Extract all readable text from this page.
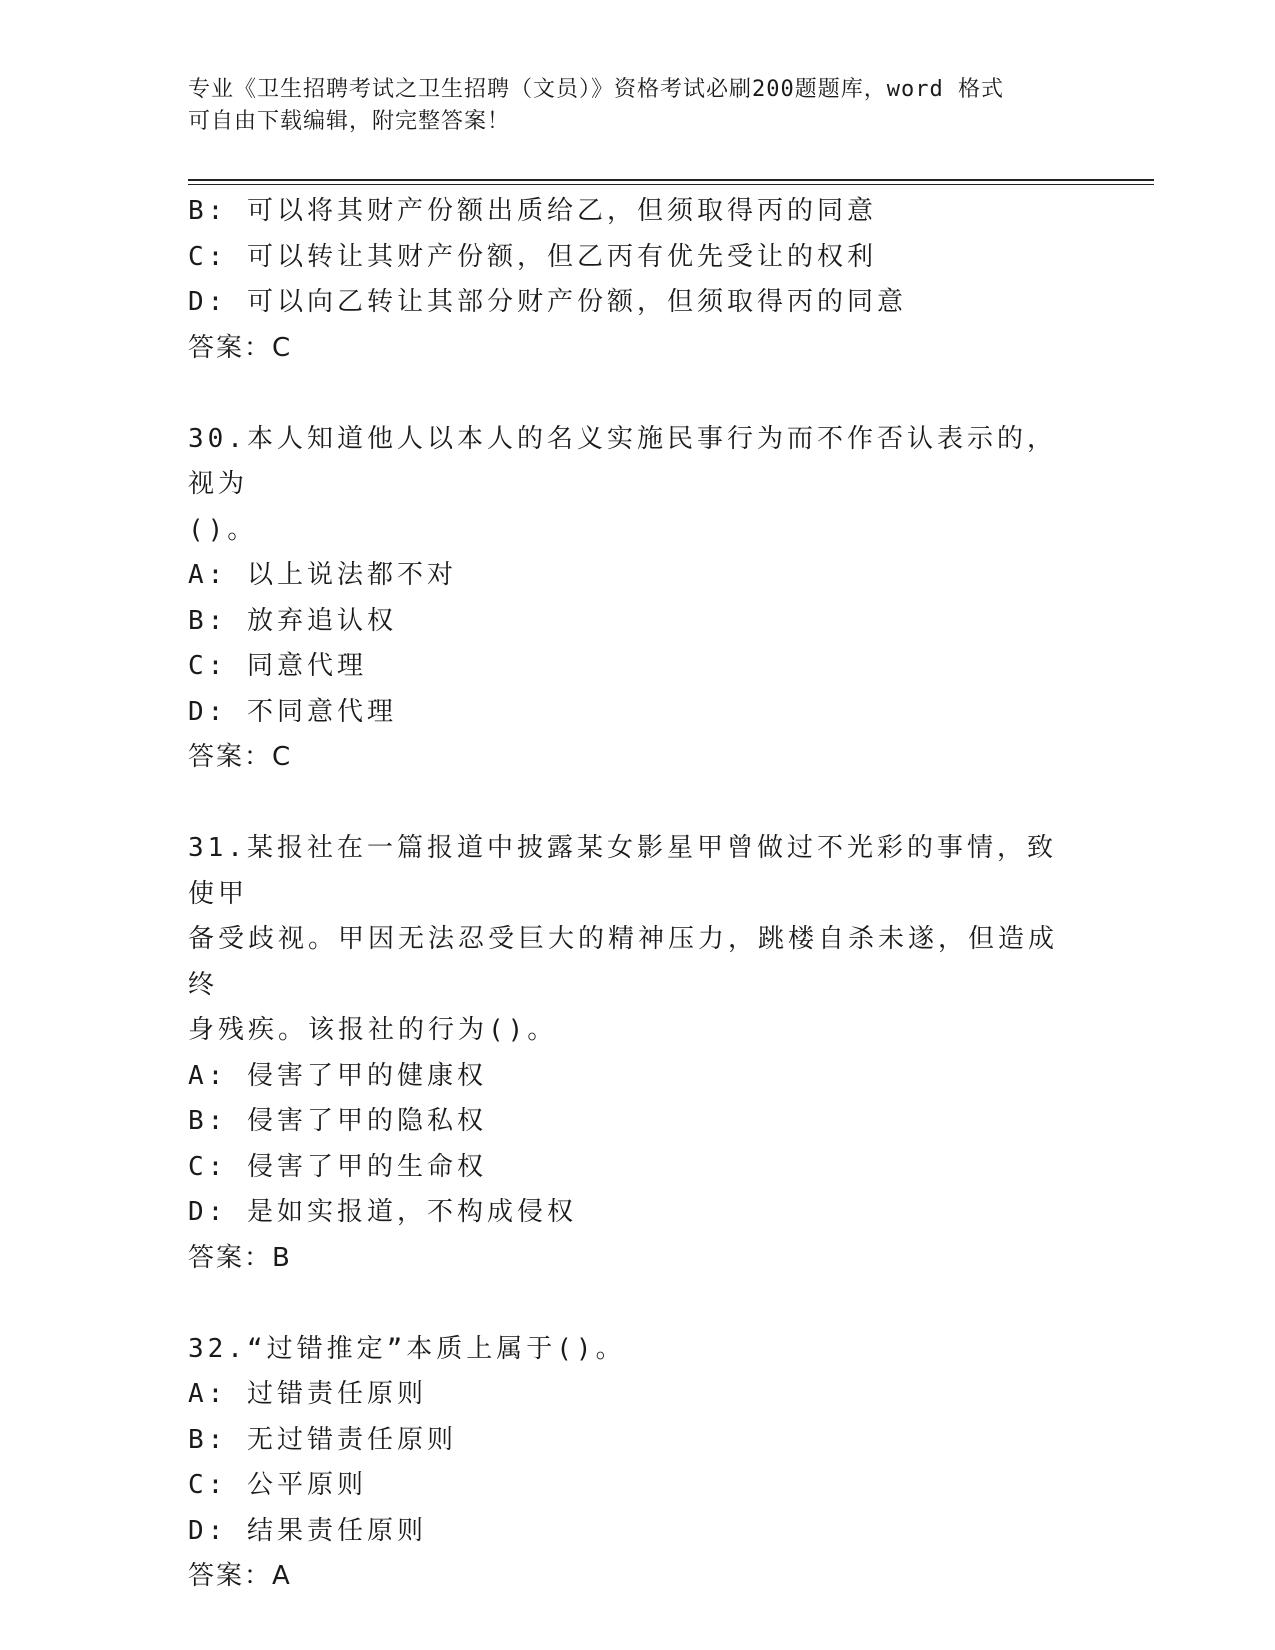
专业《卫生招聘考试之卫生招聘（文员）》资格考试必刷200题题库，word 格式
可自由下载编辑，附完整答案！
B: 可以将其财产份额出质给乙，但须取得丙的同意
C: 可以转让其财产份额，但乙丙有优先受让的权利
D: 可以向乙转让其部分财产份额，但须取得丙的同意
答案：C
30.本人知道他人以本人的名义实施民事行为而不作否认表示的，视为
()。
A: 以上说法都不对
B: 放弃追认权
C: 同意代理
D: 不同意代理
答案：C
31.某报社在一篇报道中披露某女影星甲曾做过不光彩的事情，致使甲
备受歧视。甲因无法忍受巨大的精神压力，跳楼自杀未遂，但造成终
身残疾。该报社的行为()。
A: 侵害了甲的健康权
B: 侵害了甲的隐私权
C: 侵害了甲的生命权
D: 是如实报道，不构成侵权
答案：B
32.“过错推定”本质上属于()。
A: 过错责任原则
B: 无过错责任原则
C: 公平原则
D: 结果责任原则
答案：A
